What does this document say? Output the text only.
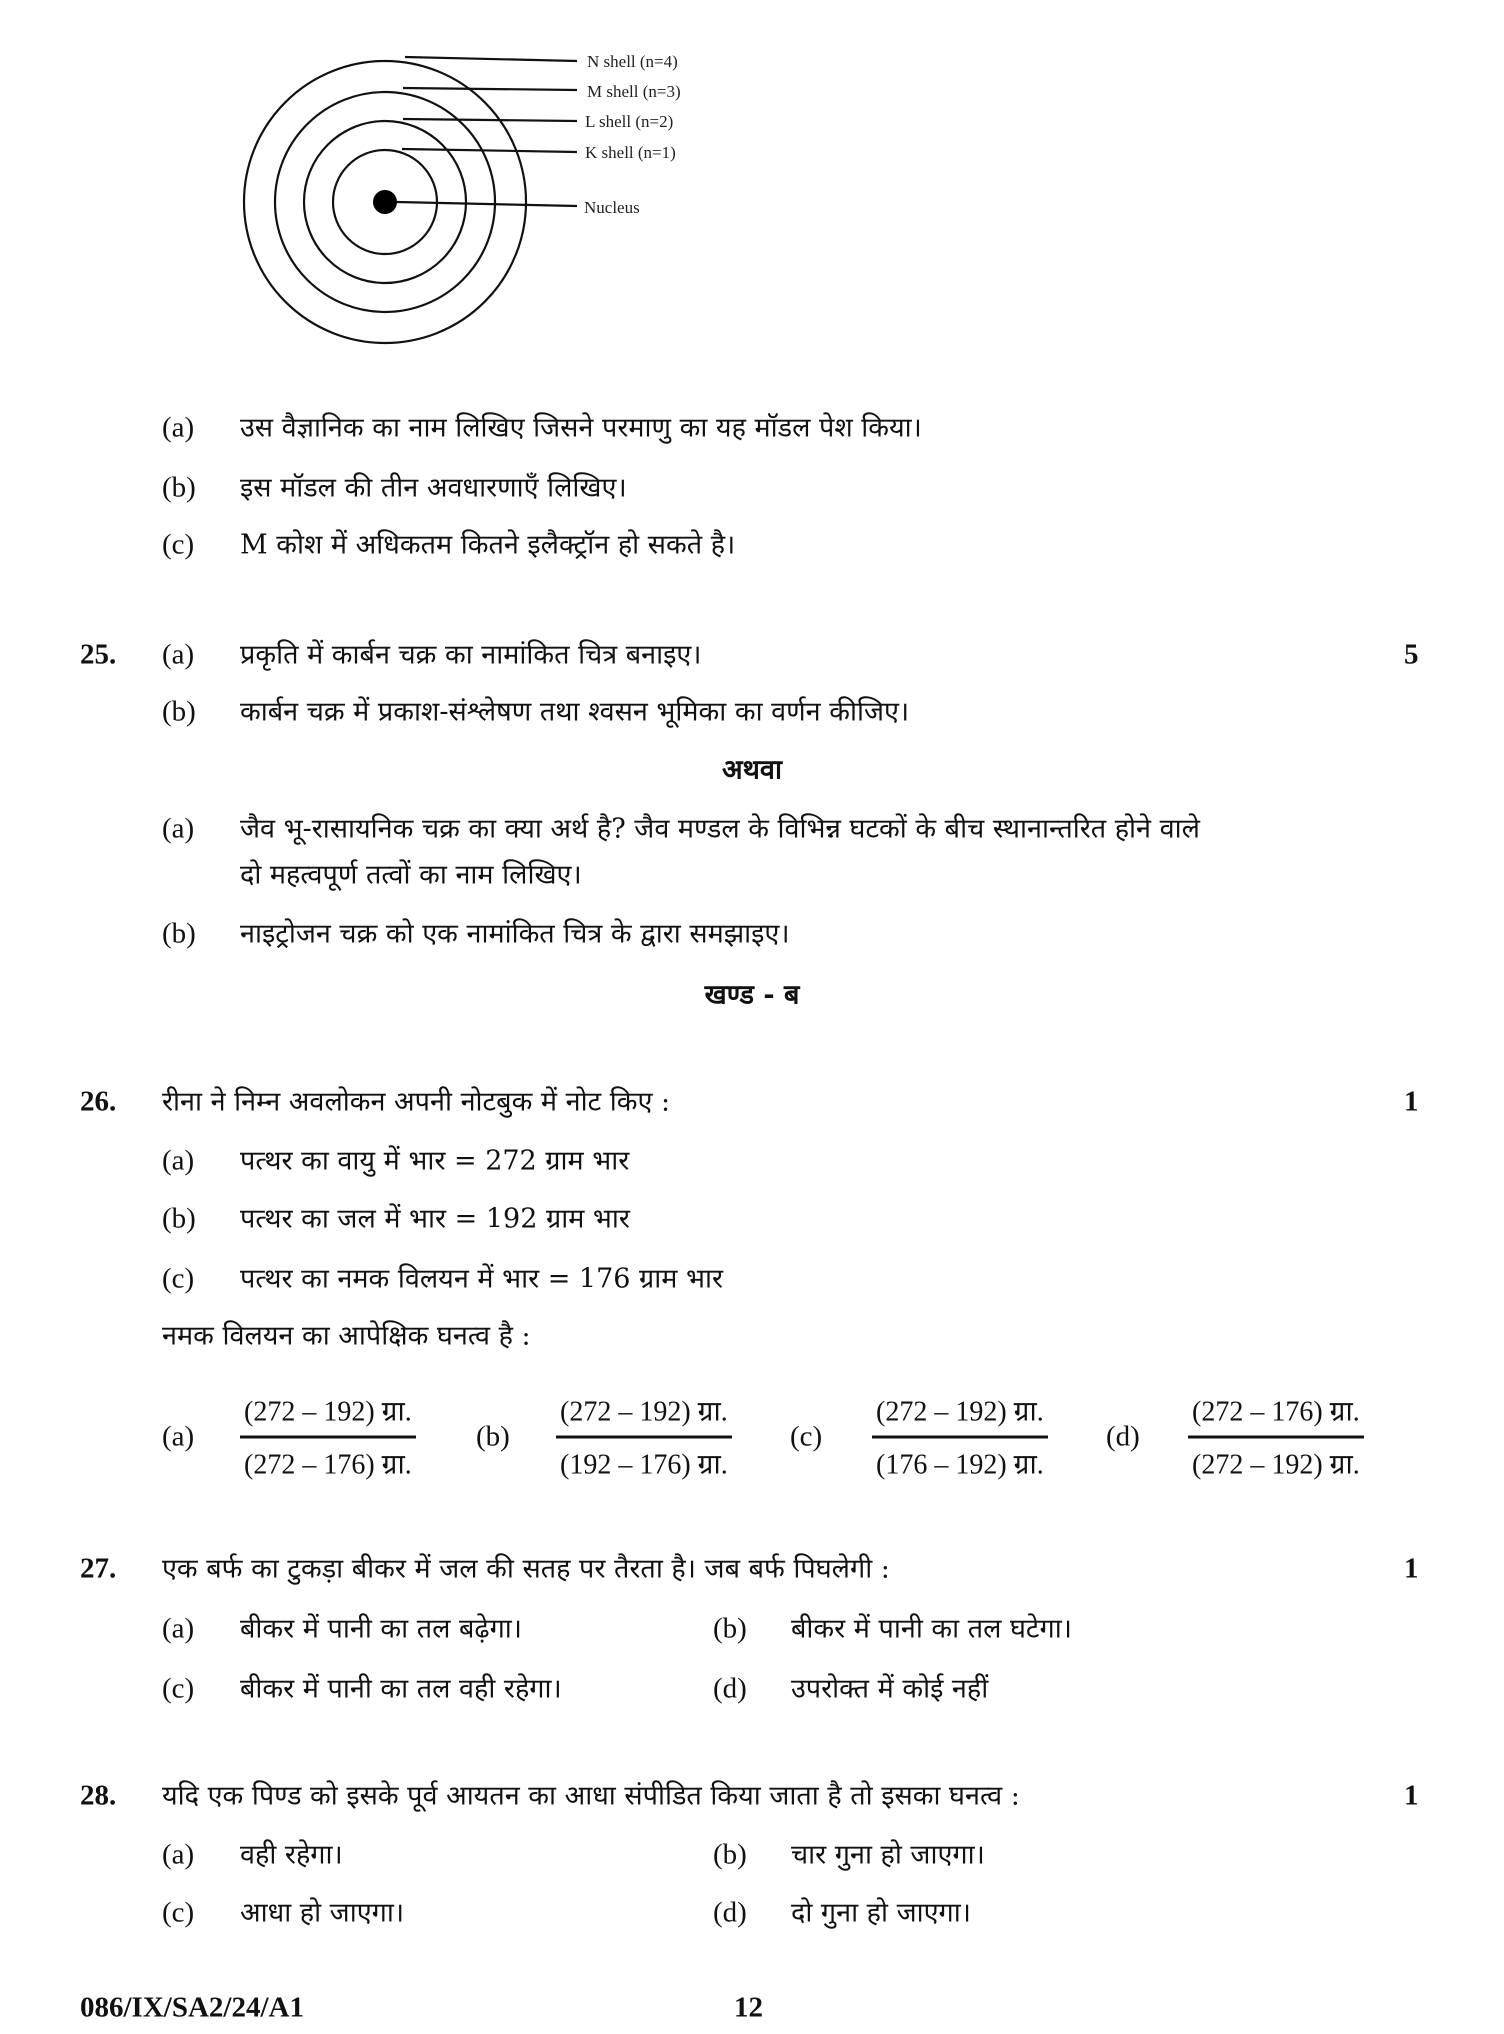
N shell (n=4)
M shell (n=3)
L shell (n=2)
K shell (n=1)
Nucleus
(a) उस वैज्ञानिक का नाम लिखिए जिसने परमाणु का यह मॉडल पेश किया।
(b) इस मॉडल की तीन अवधारणाएँ लिखिए।
(c) M कोश में अधिकतम कितने इलैक्ट्रॉन हो सकते है।
25. (a) प्रकृति में कार्बन चक्र का नामांकित चित्र बनाइए।	5
(b) कार्बन चक्र में प्रकाश-संश्लेषण तथा श्वसन भूमिका का वर्णन कीजिए।
अथवा
(a) जैव भू-रासायनिक चक्र का क्या अर्थ है? जैव मण्डल के विभिन्न घटकों के बीच स्थानान्तरित होने वाले
दो महत्वपूर्ण तत्वों का नाम लिखिए।
(b) नाइट्रोजन चक्र को एक नामांकित चित्र के द्वारा समझाइए।
खण्ड - ब
26. रीना ने निम्न अवलोकन अपनी नोटबुक में नोट किए :	1
(a) पत्थर का वायु में भार = 272 ग्राम भार
(b) पत्थर का जल में भार = 192 ग्राम भार
(c) पत्थर का नमक विलयन में भार = 176 ग्राम भार
नमक विलयन का आपेक्षिक घनत्व है :
(a)
(272 – 192) ग्रा.
(272 – 176) ग्रा.
(b)
(272 – 192) ग्रा.
(192 – 176) ग्रा.
(c)
(272 – 192) ग्रा.
(176 – 192) ग्रा.
(d)
(272 – 176) ग्रा.
(272 – 192) ग्रा.
27. एक बर्फ का टुकड़ा बीकर में जल की सतह पर तैरता है। जब बर्फ पिघलेगी :	1
(a) बीकर में पानी का तल बढ़ेगा।	(b) बीकर में पानी का तल घटेगा।
(c) बीकर में पानी का तल वही रहेगा।	(d) उपरोक्त में कोई नहीं
28. यदि एक पिण्ड को इसके पूर्व आयतन का आधा संपीडित किया जाता है तो इसका घनत्व :	1
(a) वही रहेगा।	(b) चार गुना हो जाएगा।
(c) आधा हो जाएगा।	(d) दो गुना हो जाएगा।
086/IX/SA2/24/A1	12
